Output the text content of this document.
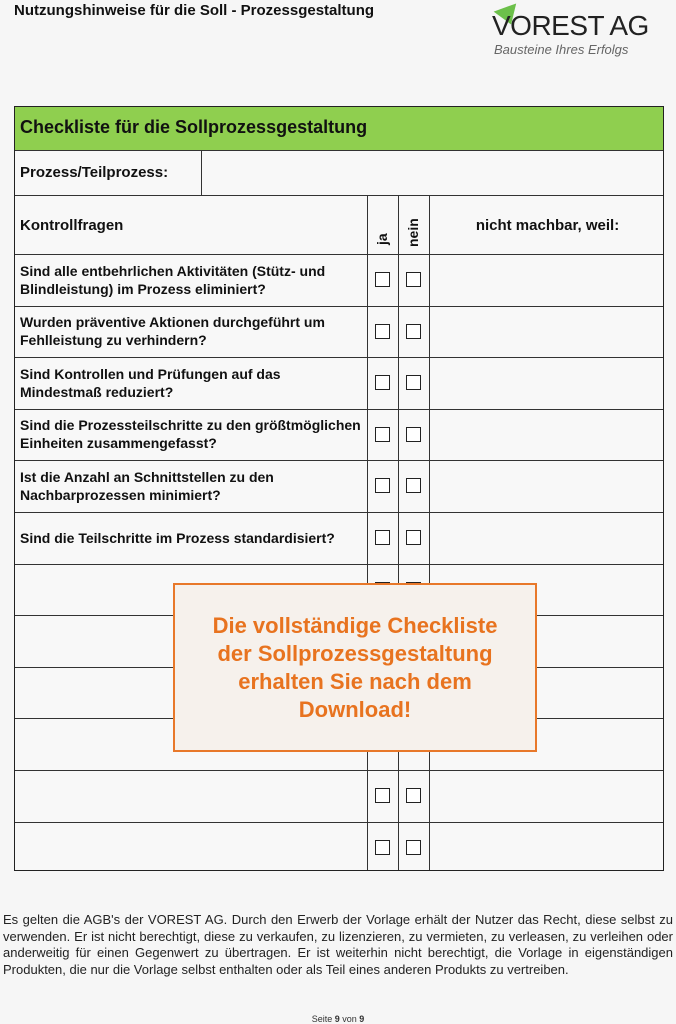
Nutzungshinweise für die Soll - Prozessgestaltung	VOREST AG
Bausteine Ihres Erfolgs
Checkliste für die Sollprozessgestaltung
Prozess/Teilprozess:
Kontrollfragen
ja nein	nicht machbar, weil:
Sind alle entbehrlichen Aktivitäten (Stütz- und Blindleistung) im Prozess eliminiert?
Wurden präventive Aktionen durchgeführt um Fehlleistung zu verhindern?
Sind Kontrollen und Prüfungen auf das Mindestmaß reduziert?
Sind die Prozessteilschritte zu den größtmöglichen Einheiten zusammengefasst?
Ist die Anzahl an Schnittstellen zu den Nachbarprozessen minimiert?
Sind die Teilschritte im Prozess standardisiert?
Die vollständige Checkliste
der Sollprozessgestaltung
erhalten Sie nach dem
Download!
Es gelten die AGB's der VOREST AG. Durch den Erwerb der Vorlage erhält der Nutzer das Recht, diese selbst zu verwenden. Er ist nicht berechtigt, diese zu verkaufen, zu lizenzieren, zu vermieten, zu verleasen, zu verleihen oder anderweitig für einen Gegenwert zu übertragen. Er ist weiterhin nicht berechtigt, die Vorlage in eigenständigen Produkten, die nur die Vorlage selbst enthalten oder als Teil eines anderen Produkts zu vertreiben.
Seite 9 von 9
